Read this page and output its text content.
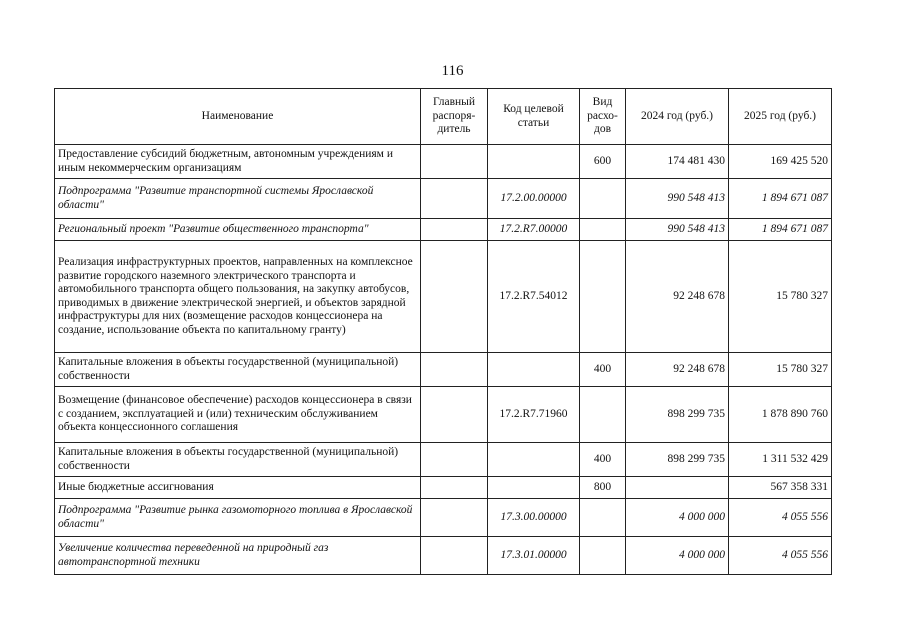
116
Наименование	Главный распоря-дитель	Код целевой статьи	Вид расхо-дов	2024 год (руб.)	2025 год (руб.)
Предоставление субсидий бюджетным, автономным учреждениям и иным некоммерческим организациям			600	174 481 430	169 425 520
Подпрограмма "Развитие транспортной системы Ярославской области"		17.2.00.00000		990 548 413	1 894 671 087
Региональный проект "Развитие общественного транспорта"		17.2.R7.00000		990 548 413	1 894 671 087
Реализация инфраструктурных проектов, направленных на комплексное развитие городского наземного электрического транспорта и автомобильного транспорта общего пользования, на закупку автобусов, приводимых в движение электрической энергией, и объектов зарядной инфраструктуры для них (возмещение расходов концессионера на создание, использование объекта по капитальному гранту)		17.2.R7.54012		92 248 678	15 780 327
Капитальные вложения в объекты государственной (муниципальной) собственности			400	92 248 678	15 780 327
Возмещение (финансовое обеспечение) расходов концессионера в связи с созданием, эксплуатацией и (или) техническим обслуживанием объекта концессионного соглашения		17.2.R7.71960		898 299 735	1 878 890 760
Капитальные вложения в объекты государственной (муниципальной) собственности			400	898 299 735	1 311 532 429
Иные бюджетные ассигнования			800		567 358 331
Подпрограмма "Развитие рынка газомоторного топлива в Ярославской области"		17.3.00.00000		4 000 000	4 055 556
Увеличение количества переведенной на природный газ автотранспортной техники		17.3.01.00000		4 000 000	4 055 556
